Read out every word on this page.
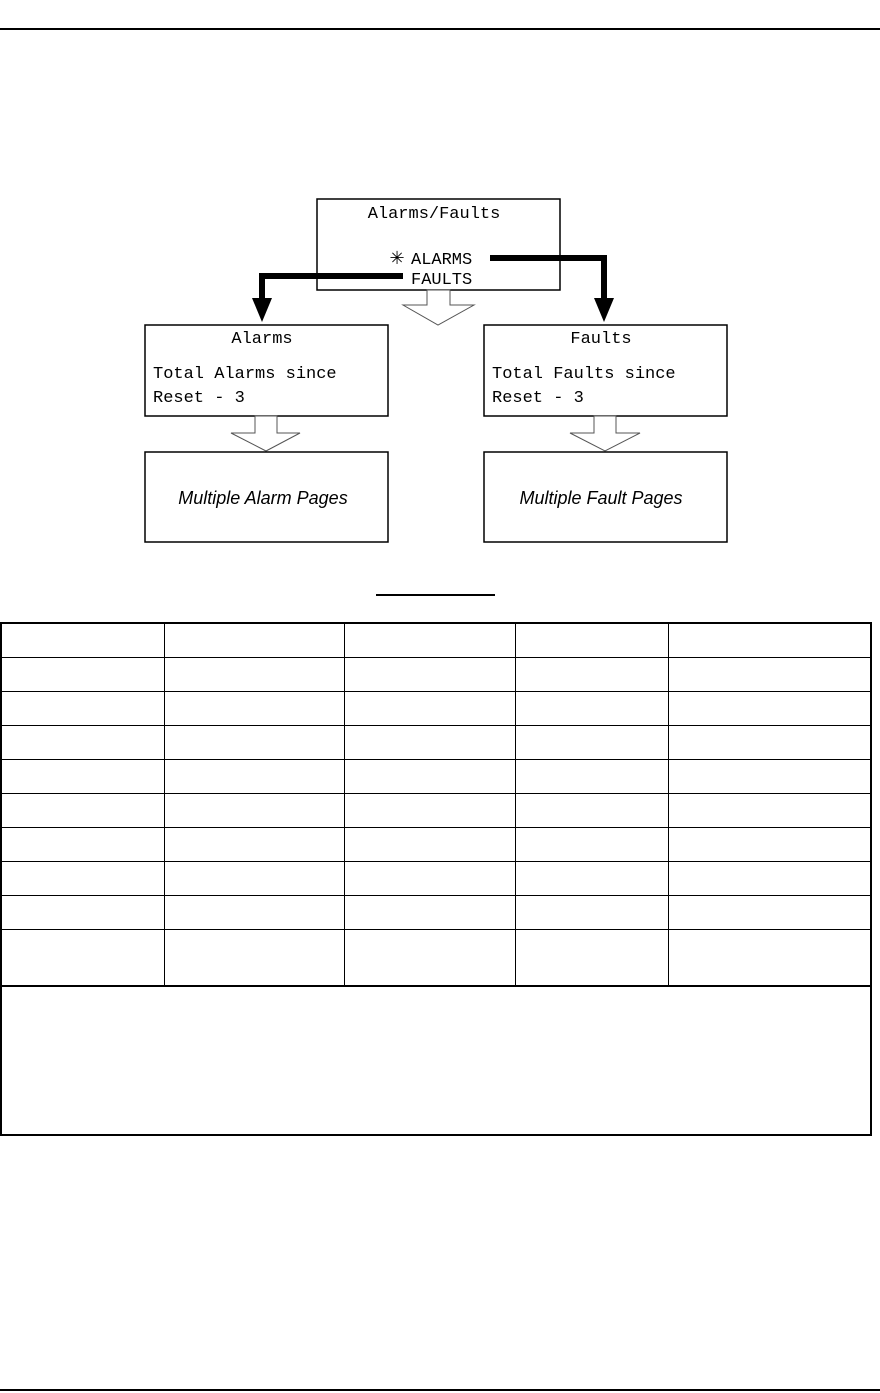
Alarms/Faults
✳ ALARMS
FAULTS
Alarms
Total Alarms since
Reset - 3
Faults
Total Faults since
Reset - 3
Multiple Alarm Pages	Multiple Fault Pages
